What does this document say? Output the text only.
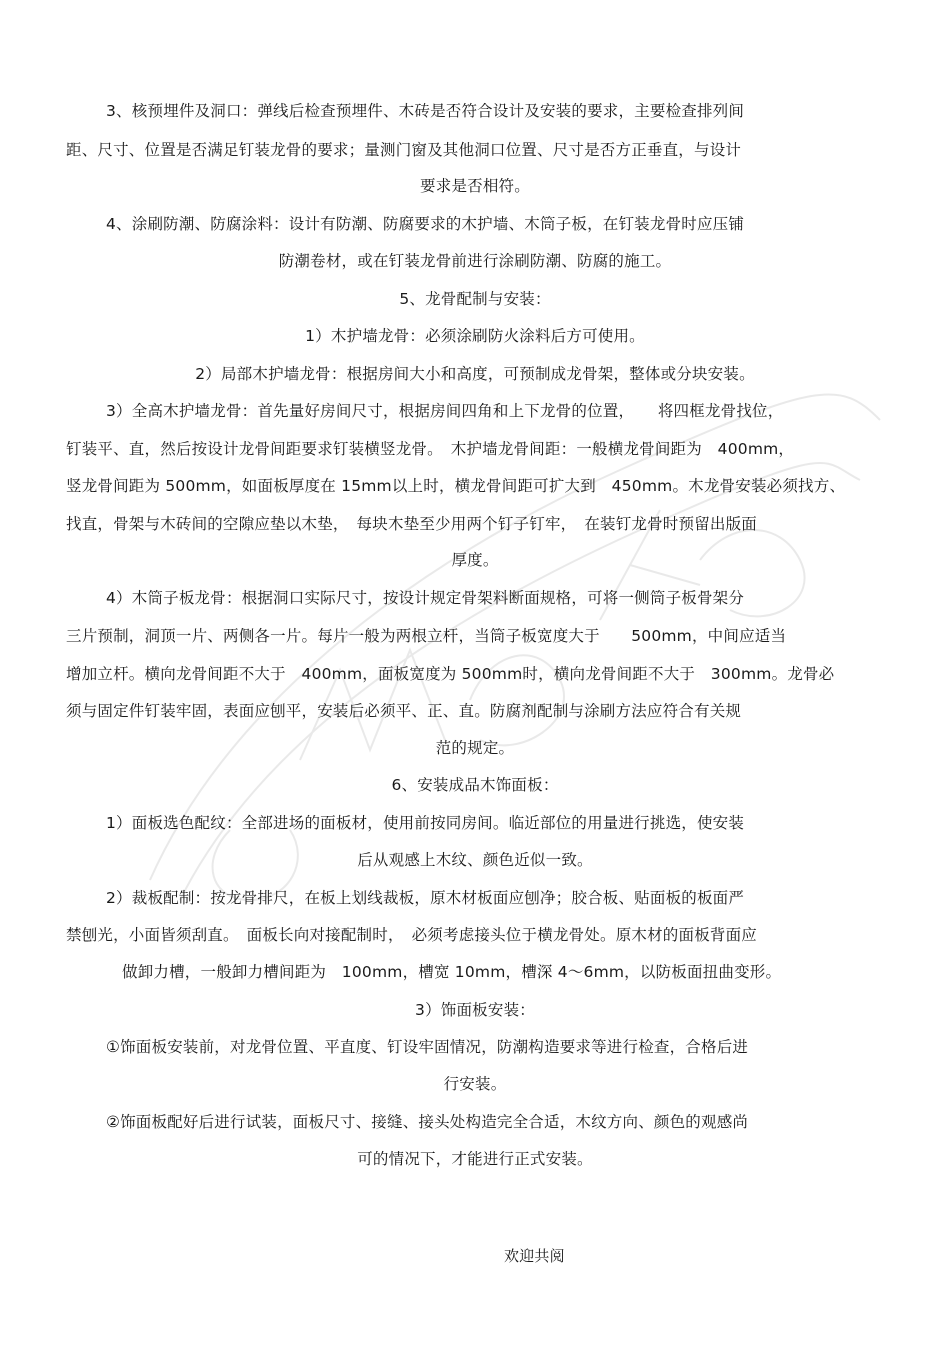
3、核预埋件及洞口：弹线后检查预埋件、木砖是否符合设计及安装的要求，主要检查排列间
距、尺寸、位置是否满足钉装龙骨的要求；量测门窗及其他洞口位置、尺寸是否方正垂直，与设计
要求是否相符。
4、涂刷防潮、防腐涂料：设计有防潮、防腐要求的木护墙、木筒子板，在钉装龙骨时应压铺
防潮卷材，或在钉装龙骨前进行涂刷防潮、防腐的施工。
5、龙骨配制与安装：
1）木护墙龙骨：必须涂刷防火涂料后方可使用。
2）局部木护墙龙骨：根据房间大小和高度，可预制成龙骨架，整体或分块安装。
3）全高木护墙龙骨：首先量好房间尺寸，根据房间四角和上下龙骨的位置，　　将四框龙骨找位，
钉装平、直，然后按设计龙骨间距要求钉装横竖龙骨。　木护墙龙骨间距：一般横龙骨间距为　400mm，
竖龙骨间距为 500mm，如面板厚度在 15mm以上时，横龙骨间距可扩大到　450mm。木龙骨安装必须找方、
找直，骨架与木砖间的空隙应垫以木垫，　每块木垫至少用两个钉子钉牢，　在装钉龙骨时预留出版面
厚度。
4）木筒子板龙骨：根据洞口实际尺寸，按设计规定骨架料断面规格，可将一侧筒子板骨架分
三片预制，洞顶一片、两侧各一片。每片一般为两根立杆，当筒子板宽度大于　　500mm，中间应适当
增加立杆。横向龙骨间距不大于　400mm，面板宽度为 500mm时，横向龙骨间距不大于　300mm。龙骨必
须与固定件钉装牢固，表面应刨平，安装后必须平、正、直。防腐剂配制与涂刷方法应符合有关规
范的规定。
6、安装成品木饰面板：
1）面板选色配纹：全部进场的面板材，使用前按同房间。临近部位的用量进行挑选，使安装
后从观感上木纹、颜色近似一致。
2）裁板配制：按龙骨排尺，在板上划线裁板，原木材板面应刨净；胶合板、贴面板的板面严
禁刨光，小面皆须刮直。　面板长向对接配制时，　必须考虑接头位于横龙骨处。原木材的面板背面应
做卸力槽，一般卸力槽间距为　100mm，槽宽 10mm，槽深 4～6mm，以防板面扭曲变形。
3）饰面板安装：
①饰面板安装前，对龙骨位置、平直度、钉设牢固情况，防潮构造要求等进行检查，合格后进
行安装。
②饰面板配好后进行试装，面板尺寸、接缝、接头处构造完全合适，木纹方向、颜色的观感尚
可的情况下，才能进行正式安装。
欢迎共阅
